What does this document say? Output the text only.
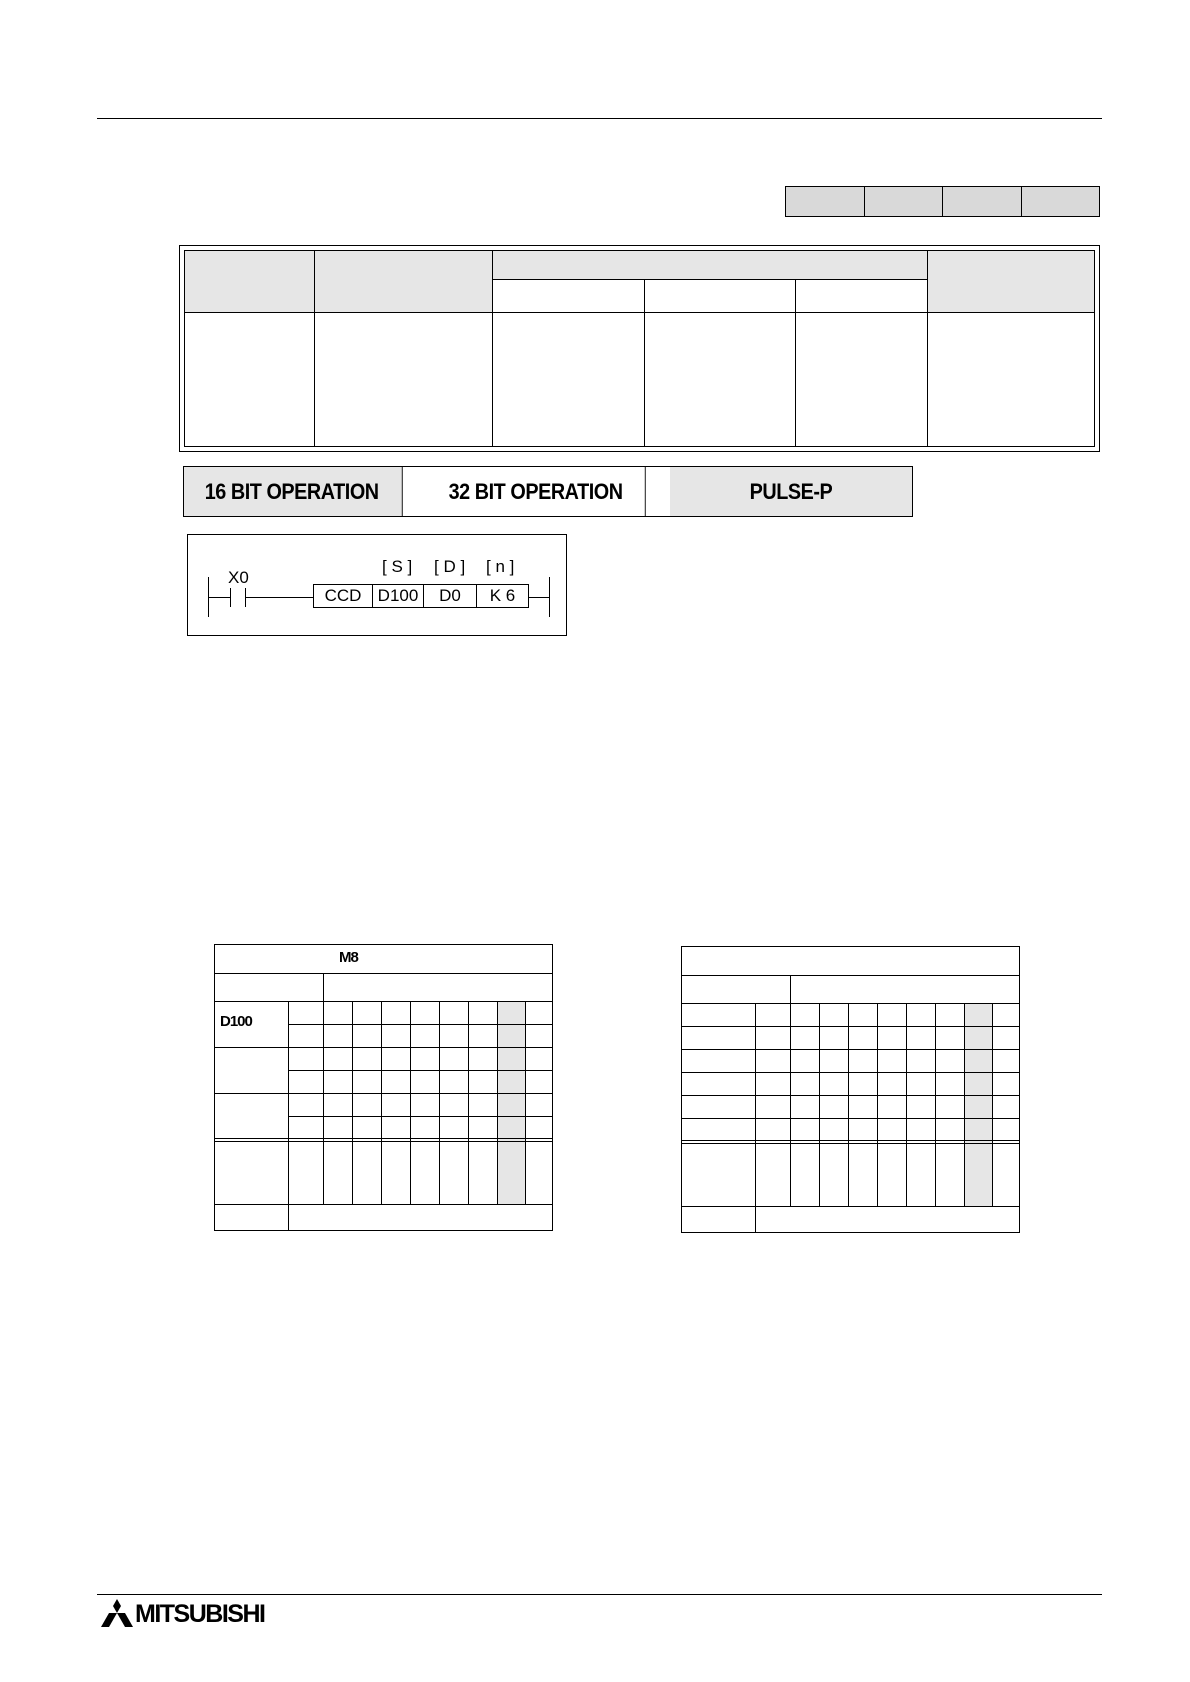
16 BIT OPERATION	32 BIT OPERATION	PULSE-P
X0
[ S ] [ D ] [ n ]
CCD D100	D0	K 6
M8
D100
MITSUBISHI
